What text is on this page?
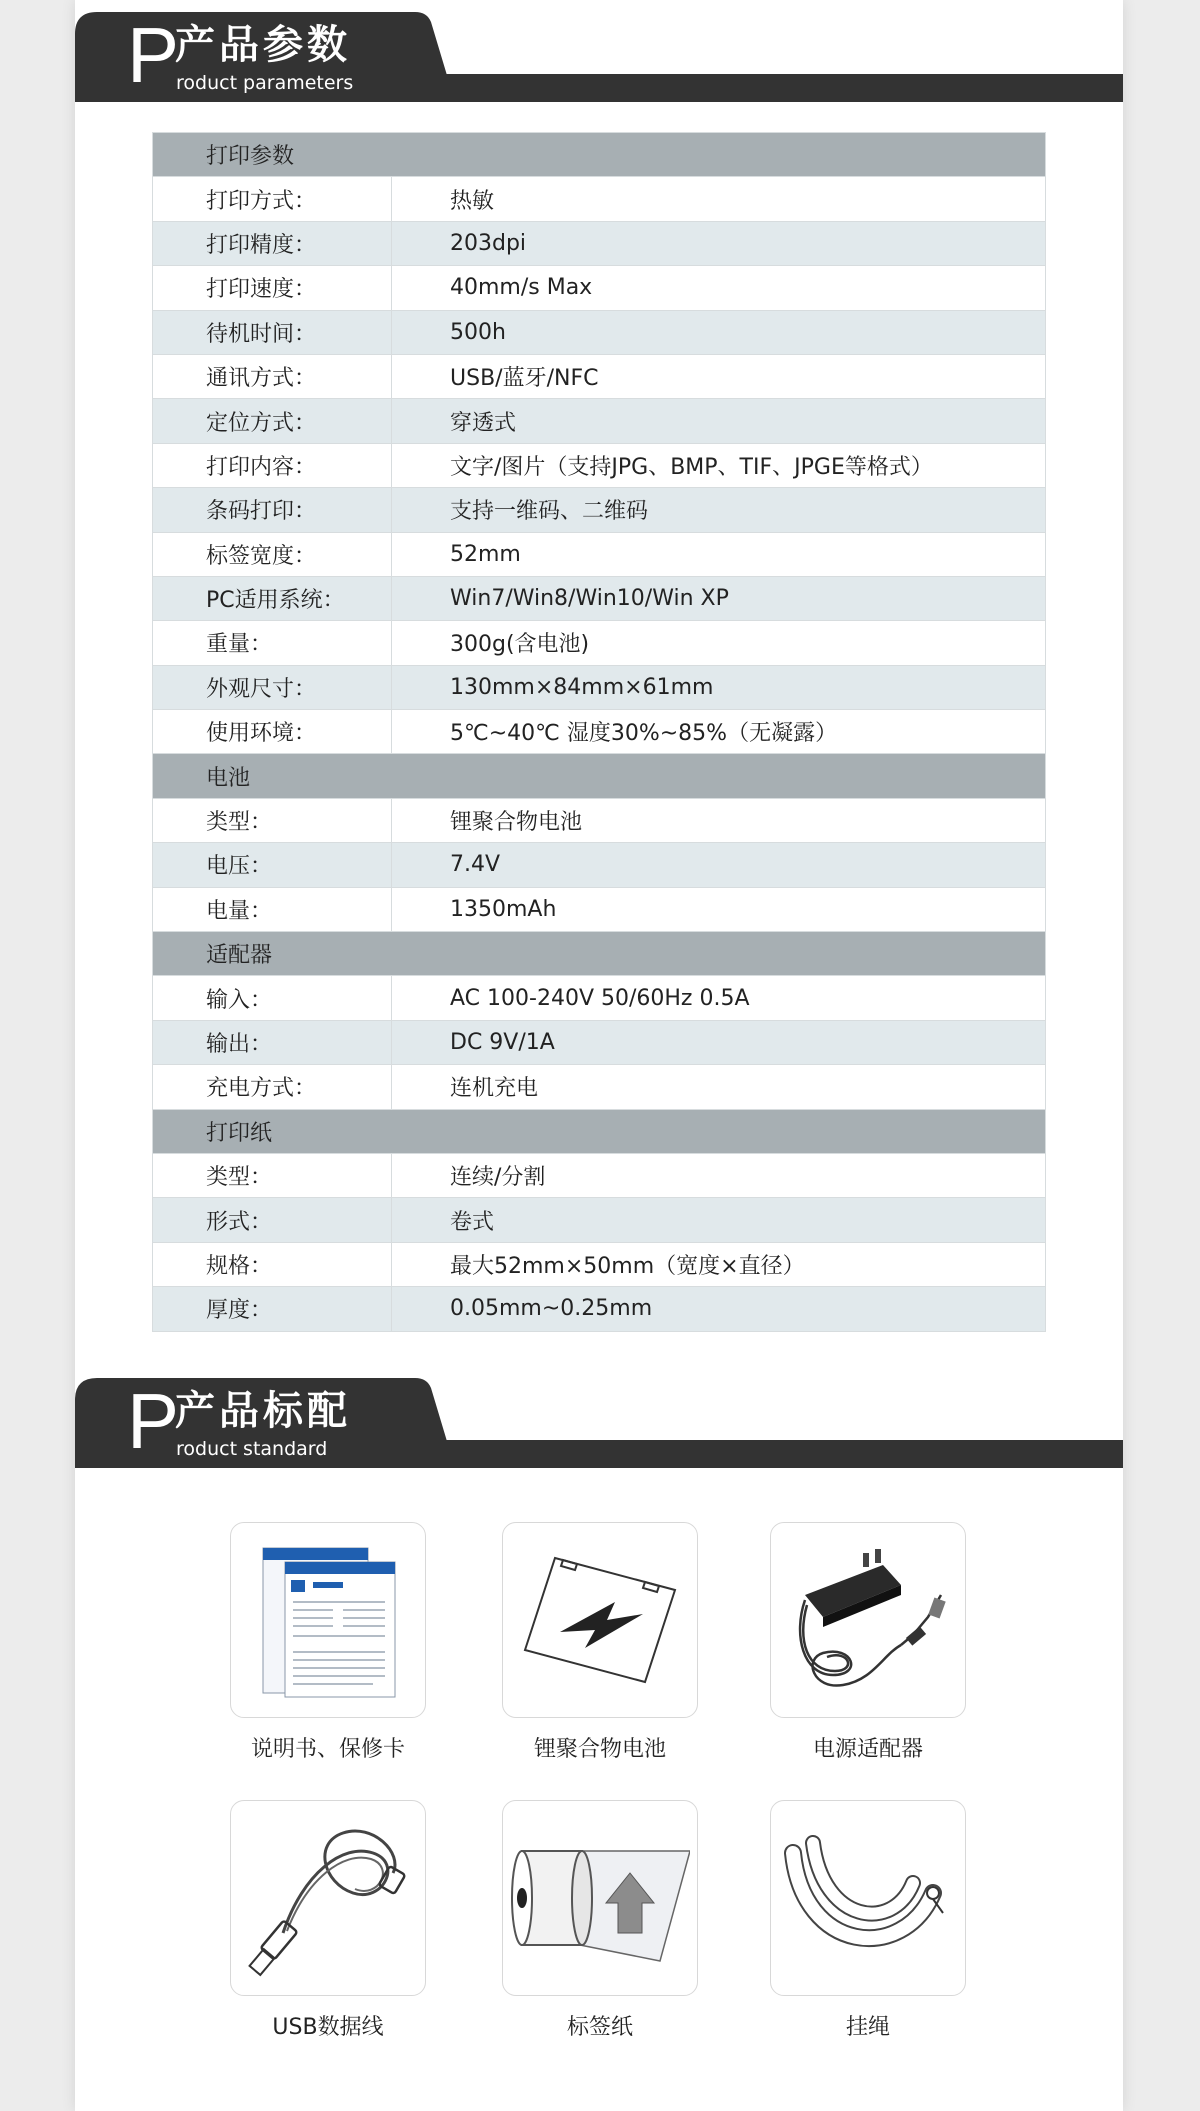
P
产品参数
roduct parameters
打印参数	
打印方式：	热敏
打印精度：	203dpi
打印速度：	40mm/s Max
待机时间：	500h
通讯方式：	USB/蓝牙/NFC
定位方式：	穿透式
打印内容：	文字/图片（支持JPG、BMP、TIF、JPGE等格式）
条码打印：	支持一维码、二维码
标签宽度：	52mm
PC适用系统：	Win7/Win8/Win10/Win XP
重量：	300g(含电池)
外观尺寸：	130mm×84mm×61mm
使用环境：	5℃~40℃ 湿度30%~85%（无凝露）
电池	
类型：	锂聚合物电池
电压：	7.4V
电量：	1350mAh
适配器	
输入：	AC 100-240V 50/60Hz 0.5A
输出：	DC 9V/1A
充电方式：	连机充电
打印纸	
类型：	连续/分割
形式：	卷式
规格：	最大52mm×50mm（宽度×直径）
厚度：	0.05mm~0.25mm
P
产品标配
roduct standard
说明书、保修卡	锂聚合物电池	电源适配器
USB数据线	标签纸	挂绳
